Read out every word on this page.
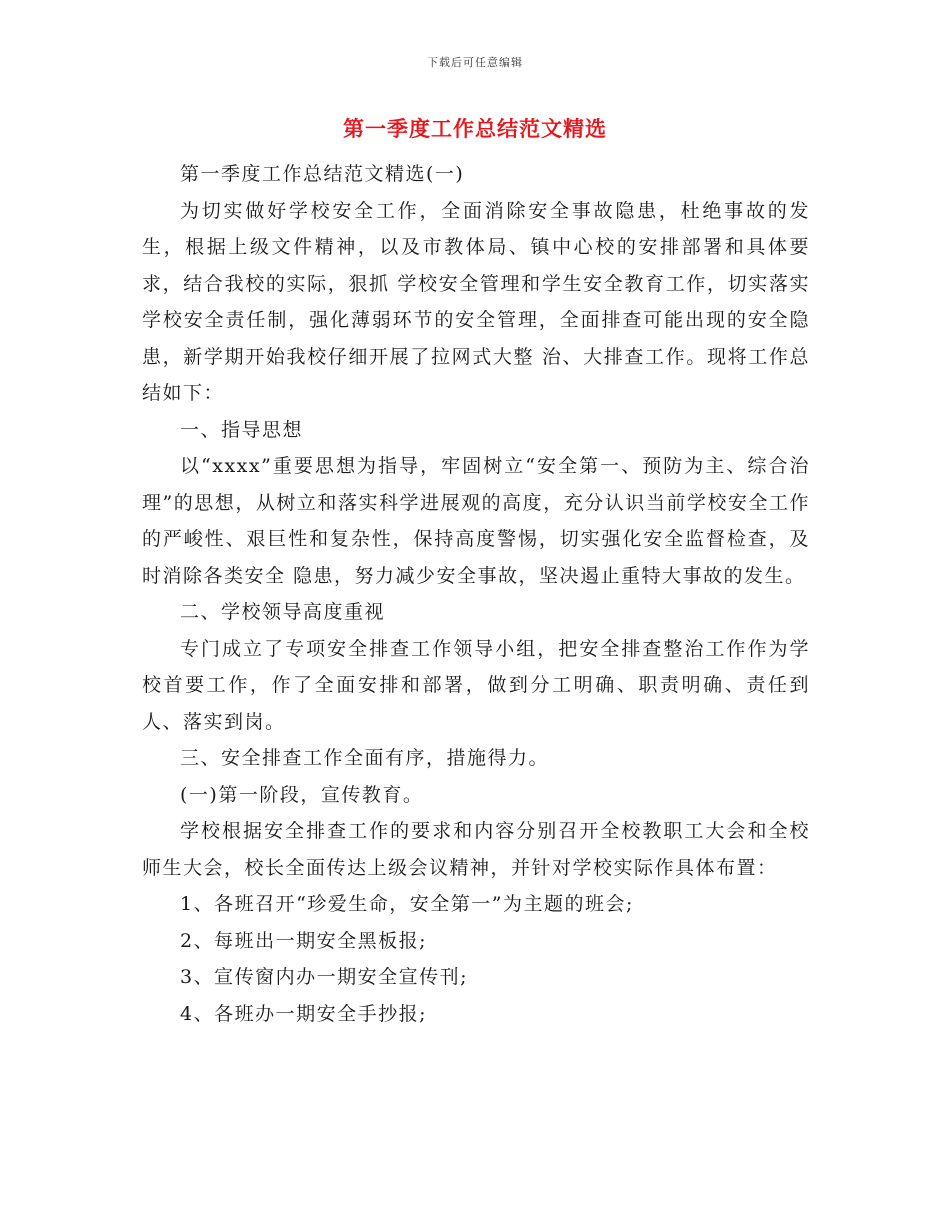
下载后可任意编辑
第一季度工作总结范文精选

第一季度工作总结范文精选(一)

为切实做好学校安全工作，全面消除安全事故隐患，杜绝事故的发生，根据上级文件精神，以及市教体局、镇中心校的安排部署和具体要求，结合我校的实际，狠抓 学校安全管理和学生安全教育工作，切实落实学校安全责任制，强化薄弱环节的安全管理，全面排查可能出现的安全隐患，新学期开始我校仔细开展了拉网式大整 治、大排查工作。现将工作总结如下：

一、指导思想

以“xxxx”重要思想为指导，牢固树立“安全第一、预防为主、综合治 理”的思想，从树立和落实科学进展观的高度，充分认识当前学校安全工作的严峻性、艰巨性和复杂性，保持高度警惕，切实强化安全监督检查，及时消除各类安全 隐患，努力减少安全事故，坚决遏止重特大事故的发生。

二、学校领导高度重视

专门成立了专项安全排查工作领导小组，把安全排查整治工作作为学校首要工作，作了全面安排和部署，做到分工明确、职责明确、责任到人、落实到岗。

三、安全排查工作全面有序，措施得力。

(一)第一阶段，宣传教育。

学校根据安全排查工作的要求和内容分别召开全校教职工大会和全校师生大会，校长全面传达上级会议精神，并针对学校实际作具体布置：

1、各班召开“珍爱生命，安全第一”为主题的班会;

2、每班出一期安全黑板报;

3、宣传窗内办一期安全宣传刊;

4、各班办一期安全手抄报;
